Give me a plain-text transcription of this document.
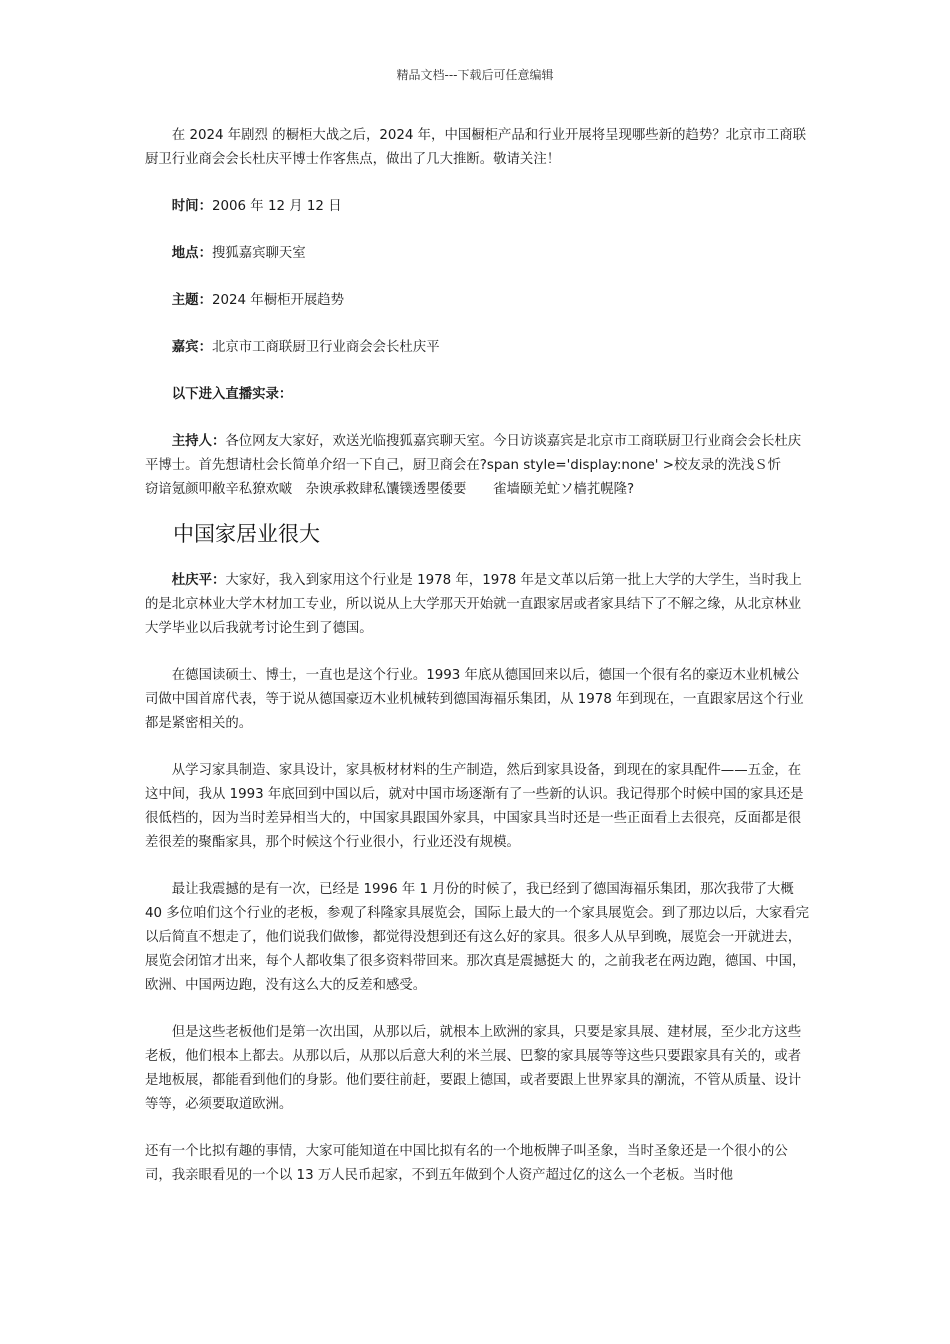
精品文档---下载后可任意编辑

在 2024 年剧烈 的橱柜大战之后，2024 年，中国橱柜产品和行业开展将呈现哪些新的趋势？北京市工商联厨卫行业商会会长杜庆平博士作客焦点，做出了几大推断。敬请关注！

时间：2006 年 12 月 12 日

地点：搜狐嘉宾聊天室

主题：2024 年橱柜开展趋势

嘉宾：北京市工商联厨卫行业商会会长杜庆平

以下进入直播实录：

主持人：各位网友大家好，欢送光临搜狐嘉宾聊天室。今日访谈嘉宾是北京市工商联厨卫行业商会会长杜庆平博士。首先想请杜会长简单介绍一下自己，厨卫商会在?span style='display:none' >校友录的洗浅Ｓ忻　　　窃谙氪颜叩敝辛私獠欢啵　杂谀承救肆私馕镤透瞾倭要　　雀墙颐羌虻ソ樯芤幌隆?

中国家居业很大

杜庆平：大家好，我入到家用这个行业是 1978 年，1978 年是文革以后第一批上大学的大学生，当时我上的是北京林业大学木材加工专业，所以说从上大学那天开始就一直跟家居或者家具结下了不解之缘，从北京林业大学毕业以后我就考讨论生到了德国。

在德国读硕士、博士，一直也是这个行业。1993 年底从德国回来以后，德国一个很有名的豪迈木业机械公司做中国首席代表，等于说从德国豪迈木业机械转到德国海福乐集团，从 1978 年到现在，一直跟家居这个行业都是紧密相关的。

从学习家具制造、家具设计，家具板材材料的生产制造，然后到家具设备，到现在的家具配件——五金，在这中间，我从 1993 年底回到中国以后，就对中国市场逐渐有了一些新的认识。我记得那个时候中国的家具还是很低档的，因为当时差异相当大的，中国家具跟国外家具，中国家具当时还是一些正面看上去很亮，反面都是很差很差的聚酯家具，那个时候这个行业很小，行业还没有规模。

最让我震撼的是有一次，已经是 1996 年 1 月份的时候了，我已经到了德国海福乐集团，那次我带了大概 40 多位咱们这个行业的老板，参观了科隆家具展览会，国际上最大的一个家具展览会。到了那边以后，大家看完以后简直不想走了，他们说我们做惨，都觉得没想到还有这么好的家具。很多人从早到晚，展览会一开就进去，展览会闭馆才出来，每个人都收集了很多资料带回来。那次真是震撼挺大 的，之前我老在两边跑，德国、中国，欧洲、中国两边跑，没有这么大的反差和感受。

但是这些老板他们是第一次出国，从那以后，就根本上欧洲的家具，只要是家具展、建材展，至少北方这些老板，他们根本上都去。从那以后，从那以后意大利的米兰展、巴黎的家具展等等这些只要跟家具有关的，或者是地板展，都能看到他们的身影。他们要往前赶，要跟上德国，或者要跟上世界家具的潮流，不管从质量、设计等等，必须要取道欧洲。

还有一个比拟有趣的事情，大家可能知道在中国比拟有名的一个地板牌子叫圣象，当时圣象还是一个很小的公司，我亲眼看见的一个以 13 万人民币起家，不到五年做到个人资产超过亿的这么一个老板。当时他
